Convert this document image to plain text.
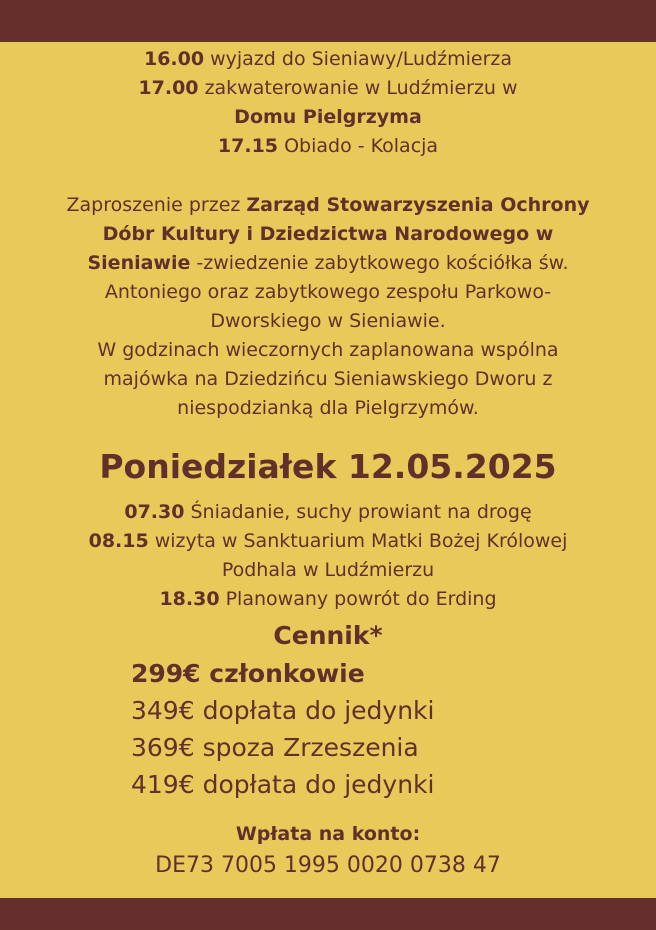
16.00 wyjazd do Sieniawy/Ludźmierza
17.00 zakwaterowanie w Ludźmierzu w
Domu Pielgrzyma
17.15 Obiado - Kolacja
Zaproszenie przez Zarząd Stowarzyszenia Ochrony
Dóbr Kultury i Dziedzictwa Narodowego w
Sieniawie -zwiedzenie zabytkowego kościółka św.
Antoniego oraz zabytkowego zespołu Parkowo-
Dworskiego w Sieniawie.
W godzinach wieczornych zaplanowana wspólna
majówka na Dziedzińcu Sieniawskiego Dworu z
niespodzianką dla Pielgrzymów.
Poniedziałek 12.05.2025
07.30 Śniadanie, suchy prowiant na drogę
08.15 wizyta w Sanktuarium Matki Bożej Królowej
Podhala w Ludźmierzu
18.30 Planowany powrót do Erding
Cennik*
299€ członkowie
349€ dopłata do jedynki
369€ spoza Zrzeszenia
419€ dopłata do jedynki
Wpłata na konto:
DE73 7005 1995 0020 0738 47
